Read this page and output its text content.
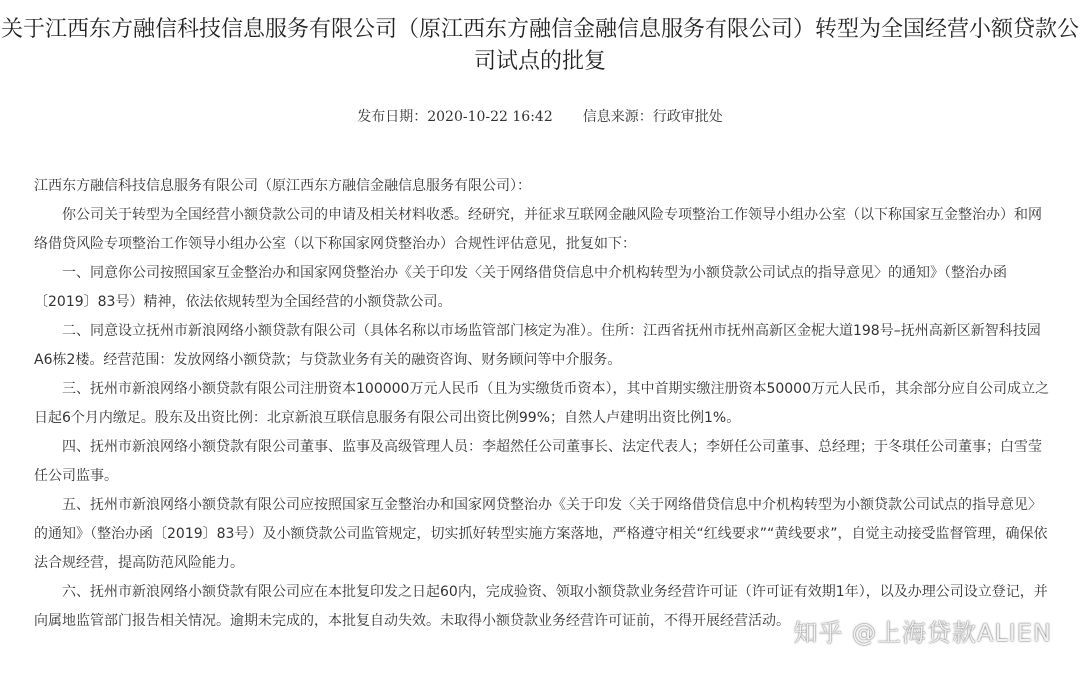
关于江西东方融信科技信息服务有限公司（原江西东方融信金融信息服务有限公司）转型为全国经营小额贷款公
司试点的批复
发布日期：2020-10-22 16:42 信息来源：行政审批处

江西东方融信科技信息服务有限公司（原江西东方融信金融信息服务有限公司）：

你公司关于转型为全国经营小额贷款公司的申请及相关材料收悉。经研究，并征求互联网金融风险专项整治工作领导小组办公室（以下称国家互金整治办）和网络借贷风险专项整治工作领导小组办公室（以下称国家网贷整治办）合规性评估意见，批复如下：

一、同意你公司按照国家互金整治办和国家网贷整治办《关于印发〈关于网络借贷信息中介机构转型为小额贷款公司试点的指导意见〉的通知》（整治办函〔2019〕83号）精神，依法依规转型为全国经营的小额贷款公司。

二、同意设立抚州市新浪网络小额贷款有限公司（具体名称以市场监管部门核定为准）。住所：江西省抚州市抚州高新区金柅大道198号–抚州高新区新智科技园A6栋2楼。经营范围：发放网络小额贷款；与贷款业务有关的融资咨询、财务顾问等中介服务。

三、抚州市新浪网络小额贷款有限公司注册资本100000万元人民币（且为实缴货币资本），其中首期实缴注册资本50000万元人民币，其余部分应自公司成立之日起6个月内缴足。股东及出资比例：北京新浪互联信息服务有限公司出资比例99%；自然人卢建明出资比例1%。

四、抚州市新浪网络小额贷款有限公司董事、监事及高级管理人员：李超然任公司董事长、法定代表人；李妍任公司董事、总经理；于冬琪任公司董事；白雪莹任公司监事。

五、抚州市新浪网络小额贷款有限公司应按照国家互金整治办和国家网贷整治办《关于印发〈关于网络借贷信息中介机构转型为小额贷款公司试点的指导意见〉的通知》（整治办函〔2019〕83号）及小额贷款公司监管规定，切实抓好转型实施方案落地，严格遵守相关“红线要求”“黄线要求”，自觉主动接受监督管理，确保依法合规经营，提高防范风险能力。

六、抚州市新浪网络小额贷款有限公司应在本批复印发之日起60内，完成验资、领取小额贷款业务经营许可证（许可证有效期1年），以及办理公司设立登记，并向属地监管部门报告相关情况。逾期未完成的，本批复自动失效。未取得小额贷款业务经营许可证前，不得开展经营活动。 知乎 @上海贷款ALIEN
